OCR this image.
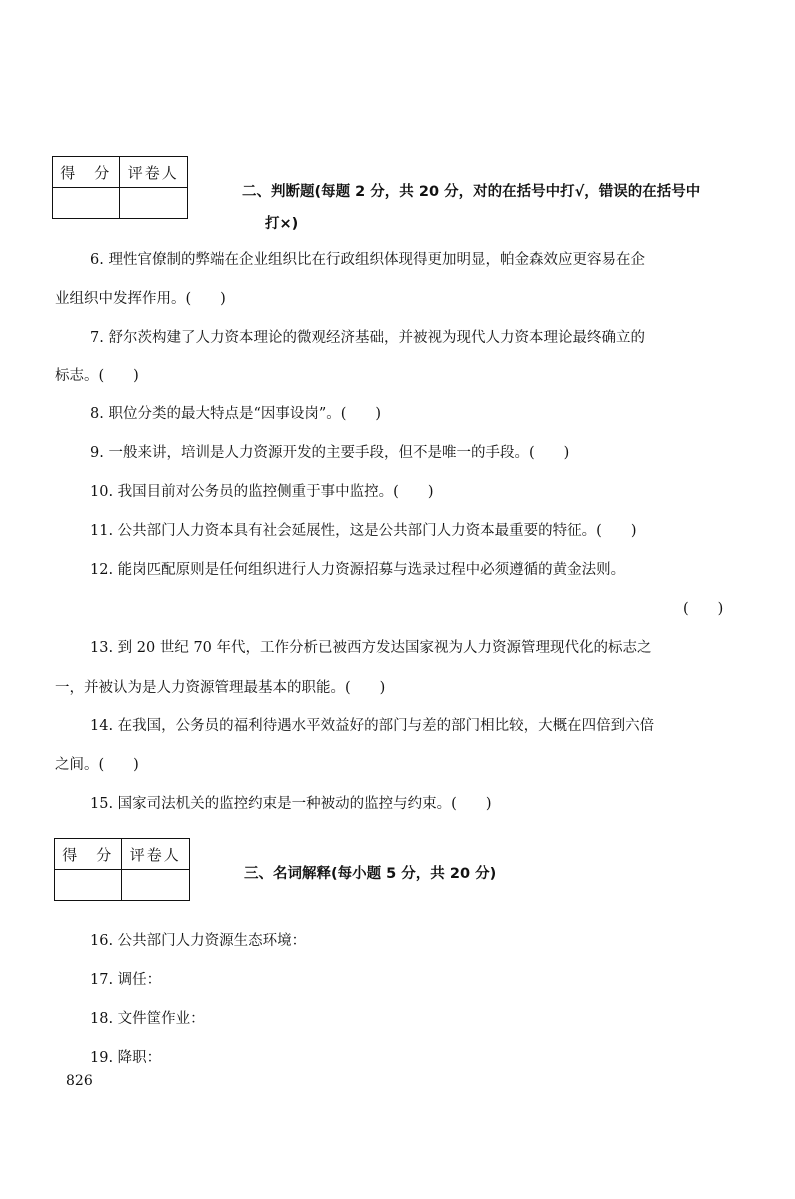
得　分	评卷人

二、判断题(每题 2 分，共 20 分，对的在括号中打√，错误的在括号中
打×)
6. 理性官僚制的弊端在企业组织比在行政组织体现得更加明显，帕金森效应更容易在企
业组织中发挥作用。(　　)
7. 舒尔茨构建了人力资本理论的微观经济基础，并被视为现代人力资本理论最终确立的
标志。(　　)
8. 职位分类的最大特点是“因事设岗”。(　　)
9. 一般来讲，培训是人力资源开发的主要手段，但不是唯一的手段。(　　)
10. 我国目前对公务员的监控侧重于事中监控。(　　)
11. 公共部门人力资本具有社会延展性，这是公共部门人力资本最重要的特征。(　　)
12. 能岗匹配原则是任何组织进行人力资源招募与选录过程中必须遵循的黄金法则。
(　　)
13. 到 20 世纪 70 年代，工作分析已被西方发达国家视为人力资源管理现代化的标志之
一，并被认为是人力资源管理最基本的职能。(　　)
14. 在我国，公务员的福利待遇水平效益好的部门与差的部门相比较，大概在四倍到六倍
之间。(　　)
15. 国家司法机关的监控约束是一种被动的监控与约束。(　　)
得　分	评卷人

三、名词解释(每小题 5 分，共 20 分)
16. 公共部门人力资源生态环境：
17. 调任：
18. 文件筐作业：
19. 降职：
826
